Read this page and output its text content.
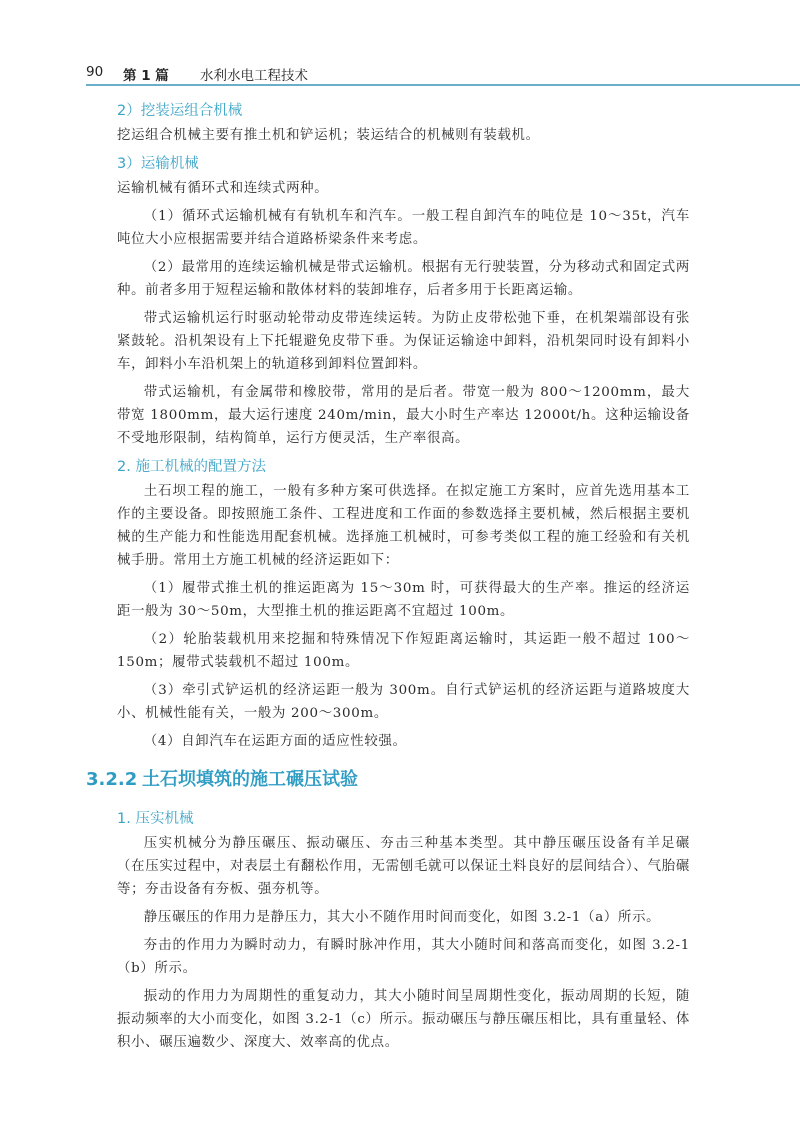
90 第 1 篇 水利水电工程技术
2）挖装运组合机械
挖运组合机械主要有推土机和铲运机；装运结合的机械则有装载机。
3）运输机械
运输机械有循环式和连续式两种。
（1）循环式运输机械有有轨机车和汽车。一般工程自卸汽车的吨位是 10～35t，汽车吨位大小应根据需要并结合道路桥梁条件来考虑。
（2）最常用的连续运输机械是带式运输机。根据有无行驶装置，分为移动式和固定式两种。前者多用于短程运输和散体材料的装卸堆存，后者多用于长距离运输。
带式运输机运行时驱动轮带动皮带连续运转。为防止皮带松弛下垂，在机架端部设有张紧鼓轮。沿机架设有上下托辊避免皮带下垂。为保证运输途中卸料，沿机架同时设有卸料小车，卸料小车沿机架上的轨道移到卸料位置卸料。
带式运输机，有金属带和橡胶带，常用的是后者。带宽一般为 800～1200mm，最大带宽 1800mm，最大运行速度 240m/min，最大小时生产率达 12000t/h。这种运输设备不受地形限制，结构简单，运行方便灵活，生产率很高。
2. 施工机械的配置方法
土石坝工程的施工，一般有多种方案可供选择。在拟定施工方案时，应首先选用基本工作的主要设备。即按照施工条件、工程进度和工作面的参数选择主要机械，然后根据主要机械的生产能力和性能选用配套机械。选择施工机械时，可参考类似工程的施工经验和有关机械手册。常用土方施工机械的经济运距如下：
（1）履带式推土机的推运距离为 15～30m 时，可获得最大的生产率。推运的经济运距一般为 30～50m，大型推土机的推运距离不宜超过 100m。
（2）轮胎装载机用来挖掘和特殊情况下作短距离运输时，其运距一般不超过 100～150m；履带式装载机不超过 100m。
（3）牵引式铲运机的经济运距一般为 300m。自行式铲运机的经济运距与道路坡度大小、机械性能有关，一般为 200～300m。
（4）自卸汽车在运距方面的适应性较强。
3.2.2 土石坝填筑的施工碾压试验
1. 压实机械
压实机械分为静压碾压、振动碾压、夯击三种基本类型。其中静压碾压设备有羊足碾（在压实过程中，对表层土有翻松作用，无需刨毛就可以保证土料良好的层间结合）、气胎碾等；夯击设备有夯板、强夯机等。
静压碾压的作用力是静压力，其大小不随作用时间而变化，如图 3.2-1（a）所示。
夯击的作用力为瞬时动力，有瞬时脉冲作用，其大小随时间和落高而变化，如图 3.2-1（b）所示。
振动的作用力为周期性的重复动力，其大小随时间呈周期性变化，振动周期的长短，随振动频率的大小而变化，如图 3.2-1（c）所示。振动碾压与静压碾压相比，具有重量轻、体积小、碾压遍数少、深度大、效率高的优点。
